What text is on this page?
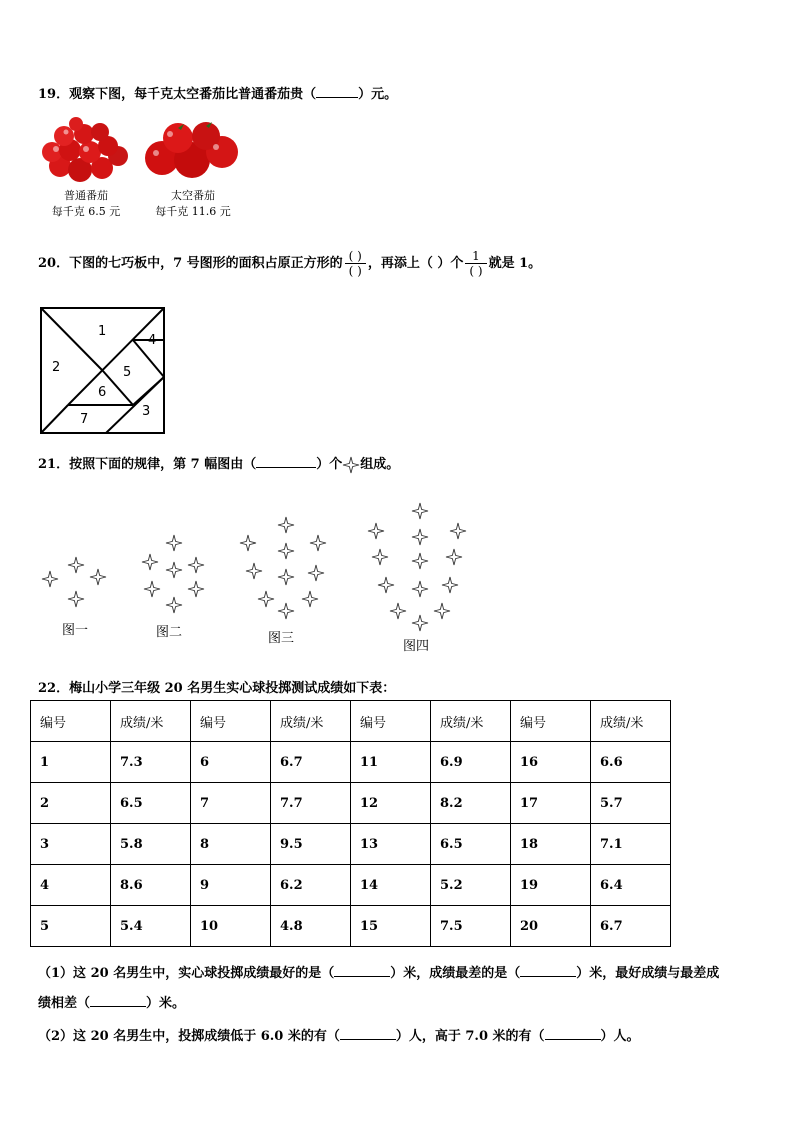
19．观察下图，每千克太空番茄比普通番茄贵（	）元。
普通番茄
每千克 6.5 元
太空番茄
每千克 11.6 元
20．下图的七巧板中，7 号图形的面积占原正方形的 $\frac{( )}{( )}$ ，再添上（ ）个 $\frac{1}{( )}$ 就是 1。
1
2
3
4
5
6
7
21．按照下面的规律，第 7 幅图由（	）个 组成。
图一	图二	图三
图四
22．梅山小学三年级 20 名男生实心球投掷测试成绩如下表：
编号	成绩/米	编号	成绩/米	编号	成绩/米	编号	成绩/米
1	7.3	6	6.7	11	6.9	16	6.6
2	6.5	7	7.7	12	8.2	17	5.7
3	5.8	8	9.5	13	6.5	18	7.1
4	8.6	9	6.2	14	5.2	19	6.4
5	5.4	10	4.8	15	7.5	20	6.7
（1）这 20 名男生中，实心球投掷成绩最好的是（	）米，成绩最差的是（	）米，最好成绩与最差成
绩相差（	）米。
（2）这 20 名男生中，投掷成绩低于 6.0 米的有（	）人，高于 7.0 米的有（	）人。
